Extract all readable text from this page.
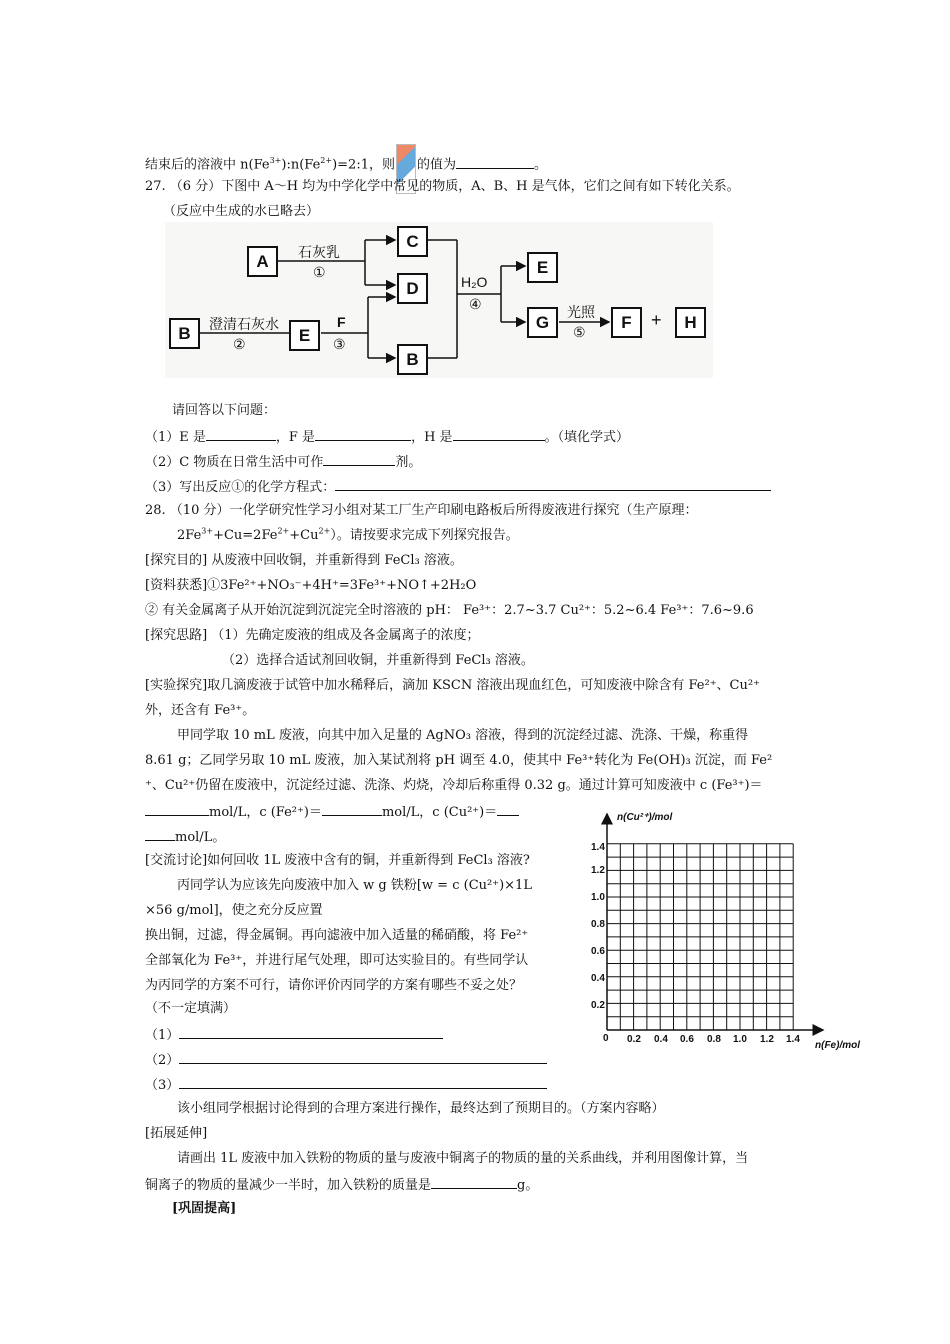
结束后的溶液中 $n(Fe^{3+}):n(Fe^{2+})=2:1$，则 的值为	。
27. （6 分）下图中 A～H 均为中学化学中常见的物质，A、B、H 是气体，它们之间有如下转化关系。
（反应中生成的水已略去）
A
C
D
E
B	E
B
G	F	H
石灰乳
①
澄清石灰水
②
F
③
H₂O
④	光照
⑤
+
请回答以下问题：
（1）E 是	，F 是	，H 是	。（填化学式）
（2）C 物质在日常生活中可作	剂。
（3）写出反应①的化学方程式：
28. （10 分）一化学研究性学习小组对某工厂生产印刷电路板后所得废液进行探究（生产原理：
$2Fe^{3+}+Cu=2Fe^{2+}+Cu^{2+}$）。请按要求完成下列探究报告。
[探究目的] 从废液中回收铜，并重新得到 FeCl₃ 溶液。
[资料获悉]①3Fe²⁺+NO₃⁻+4H⁺=3Fe³⁺+NO↑+2H₂O
② 有关金属离子从开始沉淀到沉淀完全时溶液的 pH： Fe³⁺：2.7~3.7 Cu²⁺：5.2~6.4 Fe³⁺：7.6~9.6
[探究思路] （1）先确定废液的组成及各金属离子的浓度；
（2）选择合适试剂回收铜，并重新得到 FeCl₃ 溶液。
[实验探究]取几滴废液于试管中加水稀释后，滴加 KSCN 溶液出现血红色，可知废液中除含有 Fe²⁺、Cu²⁺
外，还含有 Fe³⁺。
甲同学取 10 mL 废液，向其中加入足量的 AgNO₃ 溶液，得到的沉淀经过滤、洗涤、干燥，称重得
8.61 g；乙同学另取 10 mL 废液，加入某试剂将 pH 调至 4.0，使其中 Fe³⁺转化为 Fe(OH)₃ 沉淀，而 Fe²
⁺、Cu²⁺仍留在废液中，沉淀经过滤、洗涤、灼烧，冷却后称重得 0.32 g。通过计算可知废液中 c (Fe³⁺)＝
mol/L，c (Fe²⁺)＝	mol/L，c (Cu²⁺)＝
mol/L。
[交流讨论]如何回收 1L 废液中含有的铜，并重新得到 FeCl₃ 溶液?
丙同学认为应该先向废液中加入 w g 铁粉[w = c (Cu²⁺)×1L
×56 g/mol]，使之充分反应置
换出铜，过滤，得金属铜。再向滤液中加入适量的稀硝酸，将 Fe²⁺
全部氧化为 Fe³⁺，并进行尾气处理，即可达实验目的。有些同学认
为丙同学的方案不可行，请你评价丙同学的方案有哪些不妥之处？
（不一定填满）
（1）
（2）
（3）
该小组同学根据讨论得到的合理方案进行操作，最终达到了预期目的。（方案内容略）
[拓展延伸]
请画出 1L 废液中加入铁粉的物质的量与废液中铜离子的物质的量的关系曲线，并利用图像计算，当
铜离子的物质的量减少一半时，加入铁粉的质量是	g。
[巩固提高]
n(Cu²⁺)/mol
n(Fe)/mol
0
1.4
1.2
1.0
0.8
0.6
0.4
0.2
0.2 0.4 0.6 0.8 1.0 1.2 1.4
